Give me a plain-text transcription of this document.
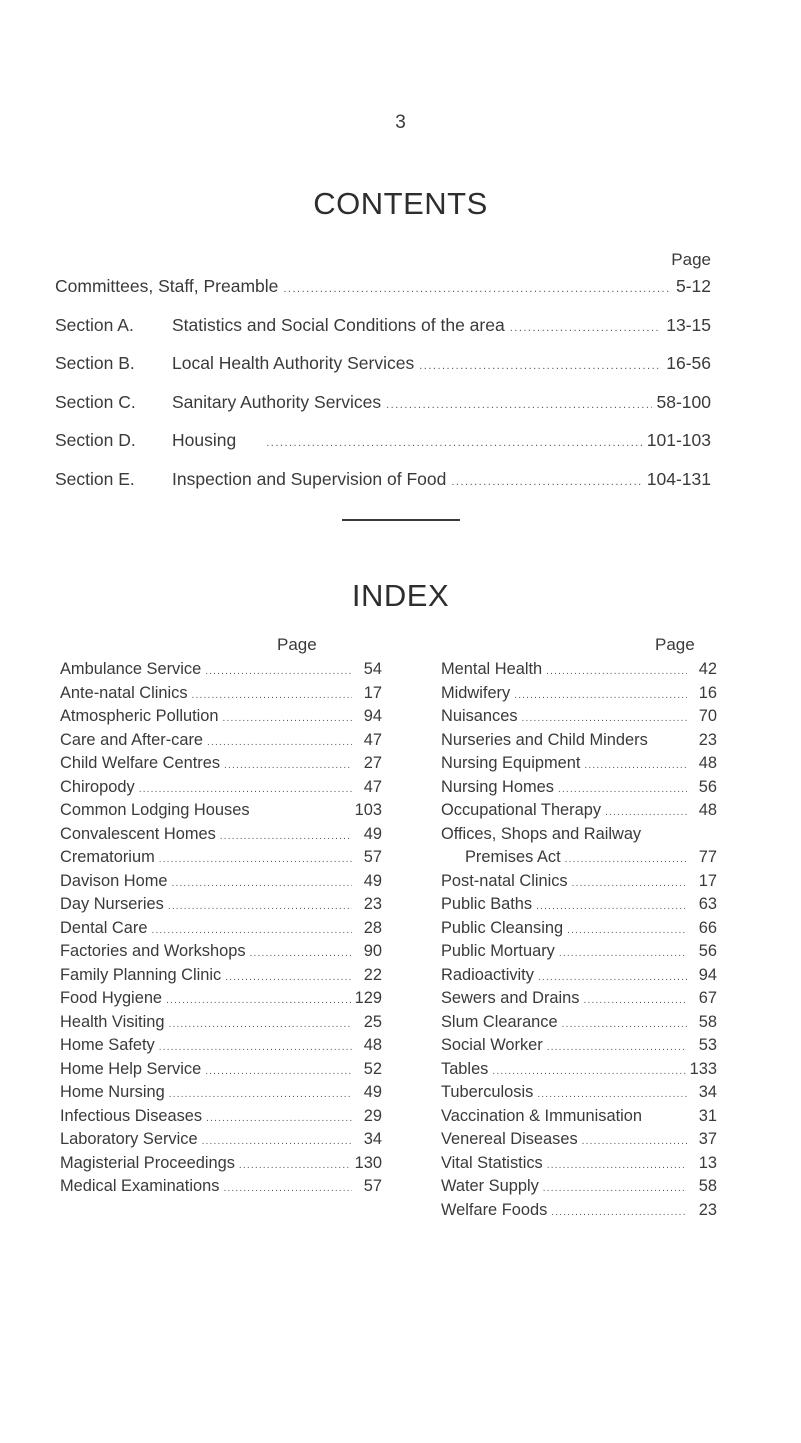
3
CONTENTS
Page
Committees, Staff, Preamble .....	5-12
Section A.	Statistics and Social Conditions of the area .....	13-15
Section B.	Local Health Authority Services .....	16-56
Section C.	Sanitary Authority Services .....	58-100
Section D.	Housing .....	101-103
Section E.	Inspection and Supervision of Food .....	104-131
INDEX
Page	Page
Ambulance Service .....	54
Ante-natal Clinics .....	17
Atmospheric Pollution .....	94
Care and After-care .....	47
Child Welfare Centres .....	27
Chiropody .....	47
Common Lodging Houses	103
Convalescent Homes .....	49
Crematorium .....	57
Davison Home .....	49
Day Nurseries .....	23
Dental Care .....	28
Factories and Workshops .....	90
Family Planning Clinic .....	22
Food Hygiene .....	129
Health Visiting .....	25
Home Safety .....	48
Home Help Service .....	52
Home Nursing .....	49
Infectious Diseases .....	29
Laboratory Service .....	34
Magisterial Proceedings .....	130
Medical Examinations .....	57
Mental Health .....	42
Midwifery .....	16
Nuisances .....	70
Nurseries and Child Minders	23
Nursing Equipment .....	48
Nursing Homes .....	56
Occupational Therapy .....	48
Offices, Shops and Railway
Premises Act .....	77
Post-natal Clinics .....	17
Public Baths .....	63
Public Cleansing .....	66
Public Mortuary .....	56
Radioactivity .....	94
Sewers and Drains .....	67
Slum Clearance .....	58
Social Worker .....	53
Tables .....	133
Tuberculosis .....	34
Vaccination & Immunisation	31
Venereal Diseases .....	37
Vital Statistics .....	13
Water Supply .....	58
Welfare Foods .....	23
